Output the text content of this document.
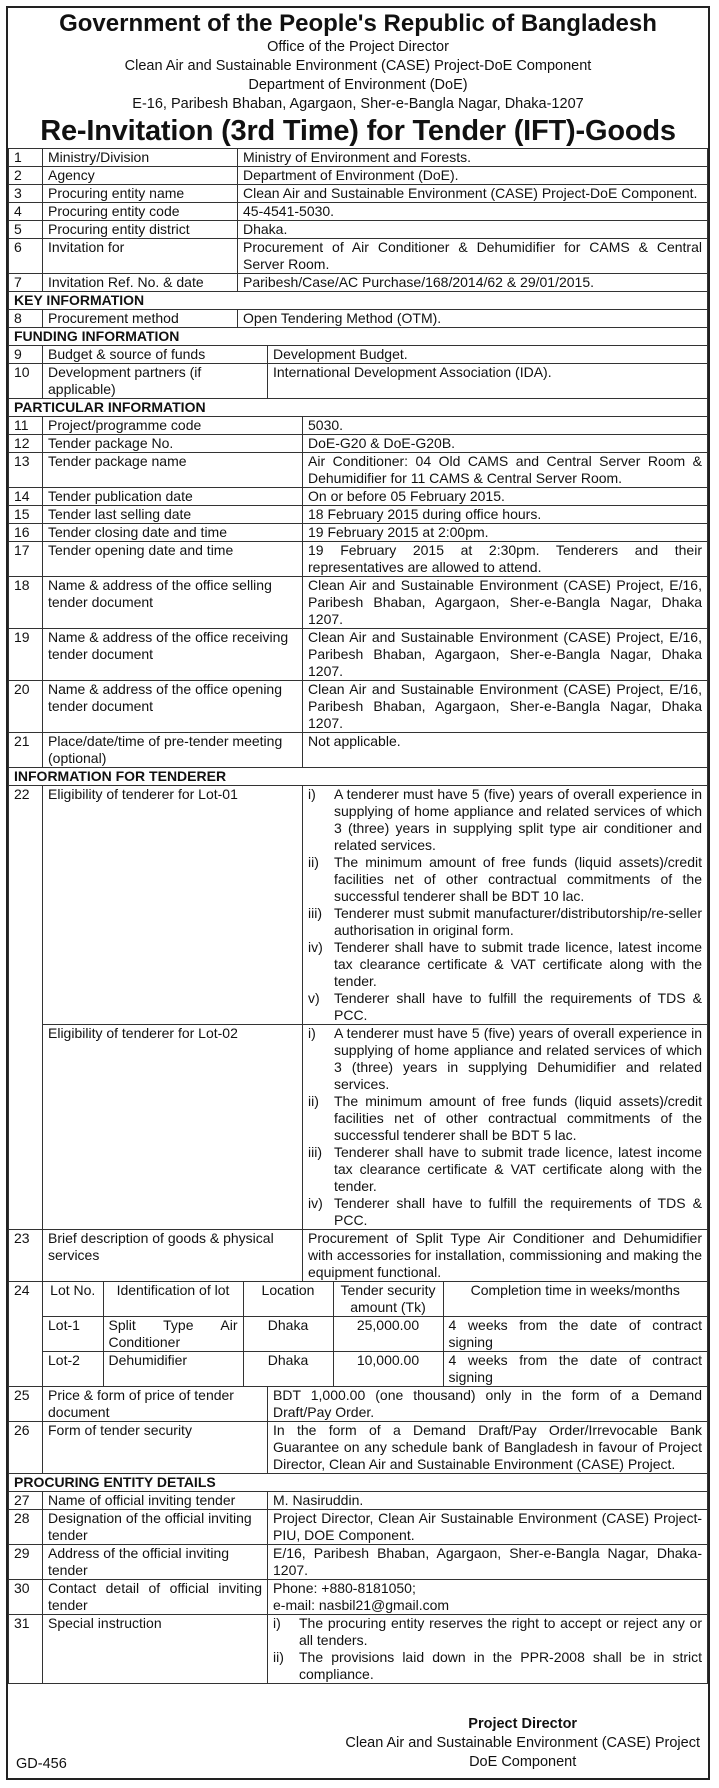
Government of the People's Republic of Bangladesh
Office of the Project Director
Clean Air and Sustainable Environment (CASE) Project-DoE Component
Department of Environment (DoE)
E-16, Paribesh Bhaban, Agargaon, Sher-e-Bangla Nagar, Dhaka-1207
Re-Invitation (3rd Time) for Tender (IFT)-Goods
1	Ministry/Division	Ministry of Environment and Forests.
2	Agency	Department of Environment (DoE).
3	Procuring entity name	Clean Air and Sustainable Environment (CASE) Project-DoE Component.
4	Procuring entity code	45-4541-5030.
5	Procuring entity district	Dhaka.
6	Invitation for	Procurement of Air Conditioner & Dehumidifier for CAMS & Central Server Room.
7	Invitation Ref. No. & date	Paribesh/Case/AC Purchase/168/2014/62 & 29/01/2015.
KEY INFORMATION
8	Procurement method	Open Tendering Method (OTM).
FUNDING INFORMATION
9	Budget & source of funds	Development Budget.
10	Development partners (if applicable)	International Development Association (IDA).
PARTICULAR INFORMATION
11	Project/programme code	5030.
12	Tender package No.	DoE-G20 & DoE-G20B.
13	Tender package name	Air Conditioner: 04 Old CAMS and Central Server Room & Dehumidifier for 11 CAMS & Central Server Room.
14	Tender publication date	On or before 05 February 2015.
15	Tender last selling date	18 February 2015 during office hours.
16	Tender closing date and time	19 February 2015 at 2:00pm.
17	Tender opening date and time	19 February 2015 at 2:30pm. Tenderers and their representatives are allowed to attend.
18	Name & address of the office selling tender document	Clean Air and Sustainable Environment (CASE) Project, E/16, Paribesh Bhaban, Agargaon, Sher-e-Bangla Nagar, Dhaka 1207.
19	Name & address of the office receiving tender document	Clean Air and Sustainable Environment (CASE) Project, E/16, Paribesh Bhaban, Agargaon, Sher-e-Bangla Nagar, Dhaka 1207.
20	Name & address of the office opening tender document	Clean Air and Sustainable Environment (CASE) Project, E/16, Paribesh Bhaban, Agargaon, Sher-e-Bangla Nagar, Dhaka 1207.
21	Place/date/time of pre-tender meeting (optional)	Not applicable.
INFORMATION FOR TENDERER
22	Eligibility of tenderer for Lot-01	i)	A tenderer must have 5 (five) years of overall experience in supplying of home appliance and related services of which 3 (three) years in supplying split type air conditioner and related services.
ii)	The minimum amount of free funds (liquid assets)/credit facilities net of other contractual commitments of the successful tenderer shall be BDT 10 lac.
iii) Tenderer must submit manufacturer/distributorship/re-seller authorisation in original form.
iv) Tenderer shall have to submit trade licence, latest income tax clearance certificate & VAT certificate along with the tender.
v)	Tenderer shall have to fulfill the requirements of TDS & PCC.

Eligibility of tenderer for Lot-02	i)	A tenderer must have 5 (five) years of overall experience in supplying of home appliance and related services of which 3 (three) years in supplying Dehumidifier and related services.
ii)	The minimum amount of free funds (liquid assets)/credit facilities net of other contractual commitments of the successful tenderer shall be BDT 5 lac.
iii) Tenderer shall have to submit trade licence, latest income tax clearance certificate & VAT certificate along with the tender.
iv) Tenderer shall have to fulfill the requirements of TDS & PCC.

23	Brief description of goods & physical services	Procurement of Split Type Air Conditioner and Dehumidifier with accessories for installation, commissioning and making the equipment functional.
24	Lot No.	Identification of lot	Location	Tender security amount (Tk)	Completion time in weeks/months
Lot-1	Split Type Air Conditioner	Dhaka	25,000.00	4 weeks from the date of contract signing
Lot-2	Dehumidifier	Dhaka	10,000.00	4 weeks from the date of contract signing

25	Price & form of price of tender document	BDT 1,000.00 (one thousand) only in the form of a Demand Draft/Pay Order.
26	Form of tender security	In the form of a Demand Draft/Pay Order/Irrevocable Bank Guarantee on any schedule bank of Bangladesh in favour of Project Director, Clean Air and Sustainable Environment (CASE) Project.
PROCURING ENTITY DETAILS
27	Name of official inviting tender	M. Nasiruddin.
28	Designation of the official inviting tender	Project Director, Clean Air Sustainable Environment (CASE) Project-PIU, DOE Component.
29	Address of the official inviting tender	E/16, Paribesh Bhaban, Agargaon, Sher-e-Bangla Nagar, Dhaka-1207.
30	Contact detail of official inviting tender	
Phone: +880-8181050;
e-mail: nasbil21@gmail.com

31	Special instruction	i)	The procuring entity reserves the right to accept or reject any or all tenders.
ii)	The provisions laid down in the PPR-2008 shall be in strict compliance.
GD-456
Project Director
Clean Air and Sustainable Environment (CASE) Project
DoE Component
